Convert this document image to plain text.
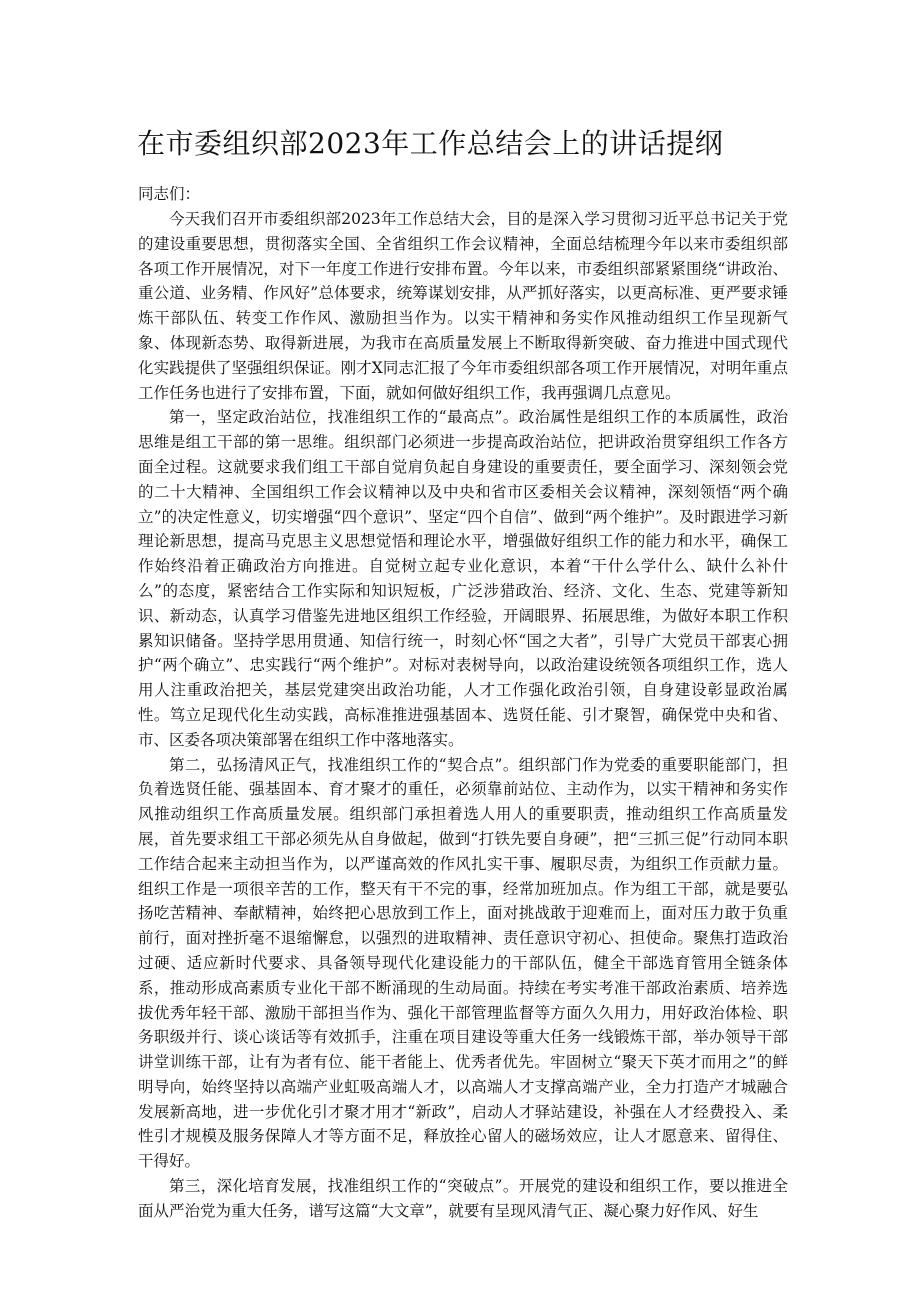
在市委组织部2023年工作总结会上的讲话提纲

同志们：

今天我们召开市委组织部2023年工作总结大会，目的是深入学习贯彻习近平总书记关于党的建设重要思想，贯彻落实全国、全省组织工作会议精神，全面总结梳理今年以来市委组织部各项工作开展情况，对下一年度工作进行安排布置。今年以来，市委组织部紧紧围绕“讲政治、重公道、业务精、作风好”总体要求，统筹谋划安排，从严抓好落实，以更高标准、更严要求锤炼干部队伍、转变工作作风、激励担当作为。以实干精神和务实作风推动组织工作呈现新气象、体现新态势、取得新进展，为我市在高质量发展上不断取得新突破、奋力推进中国式现代化实践提供了坚强组织保证。刚才X同志汇报了今年市委组织部各项工作开展情况，对明年重点工作任务也进行了安排布置，下面，就如何做好组织工作，我再强调几点意见。

第一，坚定政治站位，找准组织工作的“最高点”。政治属性是组织工作的本质属性，政治思维是组工干部的第一思维。组织部门必须进一步提高政治站位，把讲政治贯穿组织工作各方面全过程。这就要求我们组工干部自觉肩负起自身建设的重要责任，要全面学习、深刻领会党的二十大精神、全国组织工作会议精神以及中央和省市区委相关会议精神，深刻领悟“两个确立”的决定性意义，切实增强“四个意识”、坚定“四个自信”、做到“两个维护”。及时跟进学习新理论新思想，提高马克思主义思想觉悟和理论水平，增强做好组织工作的能力和水平，确保工作始终沿着正确政治方向推进。自觉树立起专业化意识，本着“干什么学什么、缺什么补什么”的态度，紧密结合工作实际和知识短板，广泛涉猎政治、经济、文化、生态、党建等新知识、新动态，认真学习借鉴先进地区组织工作经验，开阔眼界、拓展思维，为做好本职工作积累知识储备。坚持学思用贯通、知信行统一，时刻心怀“国之大者”，引导广大党员干部衷心拥护“两个确立”、忠实践行“两个维护”。对标对表树导向，以政治建设统领各项组织工作，选人用人注重政治把关，基层党建突出政治功能，人才工作强化政治引领，自身建设彰显政治属性。笃立足现代化生动实践，高标准推进强基固本、选贤任能、引才聚智，确保党中央和省、市、区委各项决策部署在组织工作中落地落实。

第二，弘扬清风正气，找准组织工作的“契合点”。组织部门作为党委的重要职能部门，担负着选贤任能、强基固本、育才聚才的重任，必须靠前站位、主动作为，以实干精神和务实作风推动组织工作高质量发展。组织部门承担着选人用人的重要职责，推动组织工作高质量发展，首先要求组工干部必须先从自身做起，做到“打铁先要自身硬”，把“三抓三促”行动同本职工作结合起来主动担当作为，以严谨高效的作风扎实干事、履职尽责，为组织工作贡献力量。组织工作是一项很辛苦的工作，整天有干不完的事，经常加班加点。作为组工干部，就是要弘扬吃苦精神、奉献精神，始终把心思放到工作上，面对挑战敢于迎难而上，面对压力敢于负重前行，面对挫折毫不退缩懈怠，以强烈的进取精神、责任意识守初心、担使命。聚焦打造政治过硬、适应新时代要求、具备领导现代化建设能力的干部队伍，健全干部选育管用全链条体系，推动形成高素质专业化干部不断涌现的生动局面。持续在考实考准干部政治素质、培养选拔优秀年轻干部、激励干部担当作为、强化干部管理监督等方面久久用力，用好政治体检、职务职级并行、谈心谈话等有效抓手，注重在项目建设等重大任务一线锻炼干部，举办领导干部讲堂训练干部，让有为者有位、能干者能上、优秀者优先。牢固树立“聚天下英才而用之”的鲜明导向，始终坚持以高端产业虹吸高端人才，以高端人才支撑高端产业，全力打造产才城融合发展新高地，进一步优化引才聚才用才“新政”，启动人才驿站建设，补强在人才经费投入、柔性引才规模及服务保障人才等方面不足，释放拴心留人的磁场效应，让人才愿意来、留得住、干得好。

第三，深化培育发展，找准组织工作的“突破点”。开展党的建设和组织工作，要以推进全面从严治党为重大任务，谱写这篇“大文章”，就要有呈现风清气正、凝心聚力好作风、好生
